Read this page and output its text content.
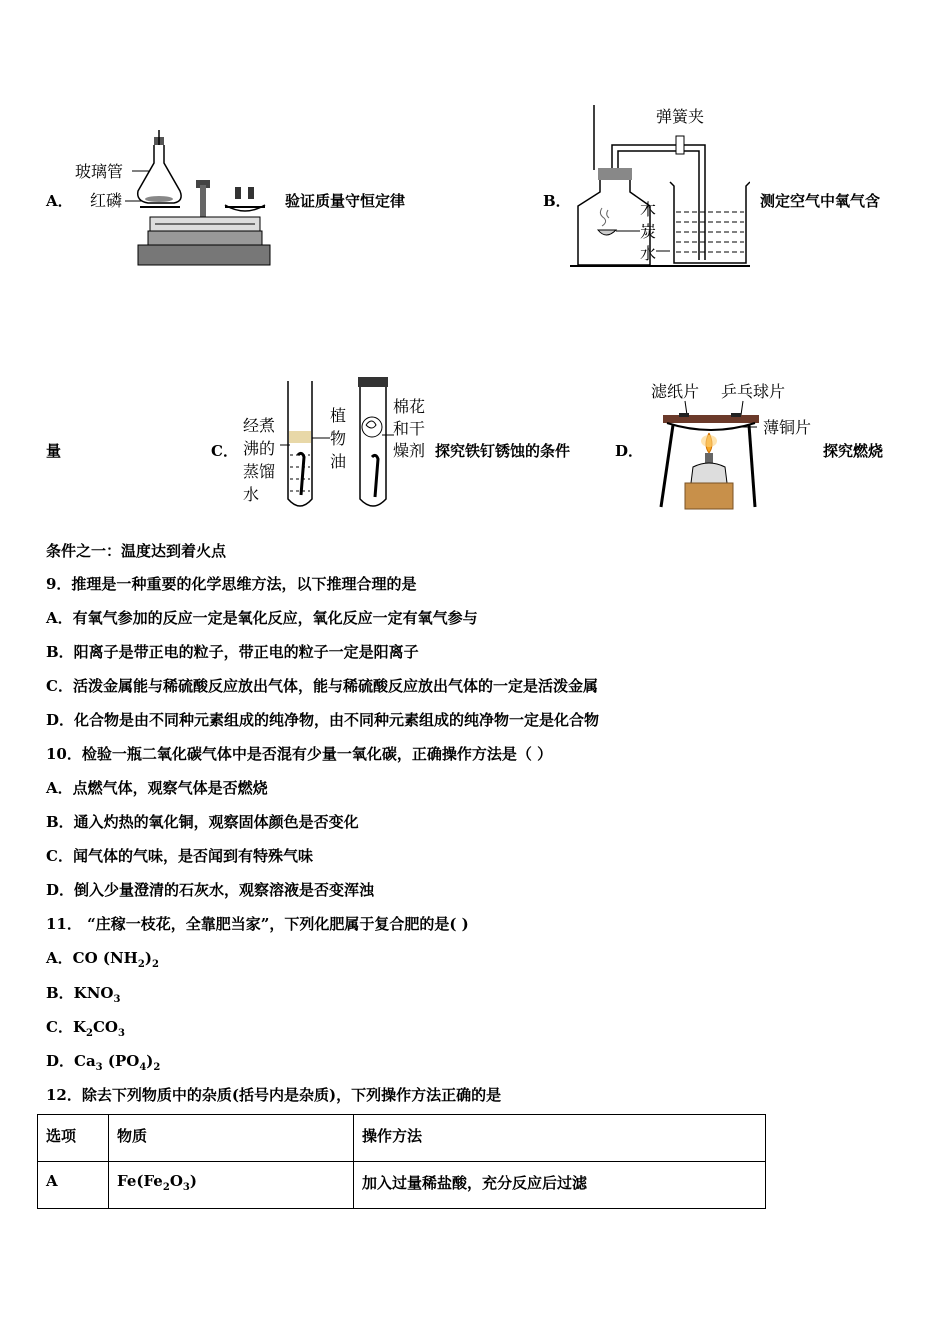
A．
玻璃管
红磷	验证质量守恒定律	B．
弹簧夹
木
炭
水
测定空气中氧气含
量	C．
经煮
沸的
蒸馏
水
植
物
油
棉花
和干
燥剂 探究铁钉锈蚀的条件	D．
滤纸片 乒乓球片
薄铜片
探究燃烧
条件之一：温度达到着火点
9．推理是一种重要的化学思维方法，以下推理合理的是
A．有氧气参加的反应一定是氧化反应，氧化反应一定有氧气参与
B．阳离子是带正电的粒子，带正电的粒子一定是阳离子
C．活泼金属能与稀硫酸反应放出气体，能与稀硫酸反应放出气体的一定是活泼金属
D．化合物是由不同种元素组成的纯净物，由不同种元素组成的纯净物一定是化合物
10．检验一瓶二氧化碳气体中是否混有少量一氧化碳，正确操作方法是（ ）
A．点燃气体，观察气体是否燃烧
B．通入灼热的氧化铜，观察固体颜色是否变化
C．闻气体的气味，是否闻到有特殊气味
D．倒入少量澄清的石灰水，观察溶液是否变浑浊
11． “庄稼一枝花，全靠肥当家”，下列化肥属于复合肥的是( )
A．CO $(NH_2)_2$
B．$KNO_3$
C．$K_2CO_3$
D．$Ca_3$ $(PO_4)_2$
12．除去下列物质中的杂质(括号内是杂质)，下列操作方法正确的是
选项	物质	操作方法
A	$Fe(Fe_2O_3)$	加入过量稀盐酸，充分反应后过滤
